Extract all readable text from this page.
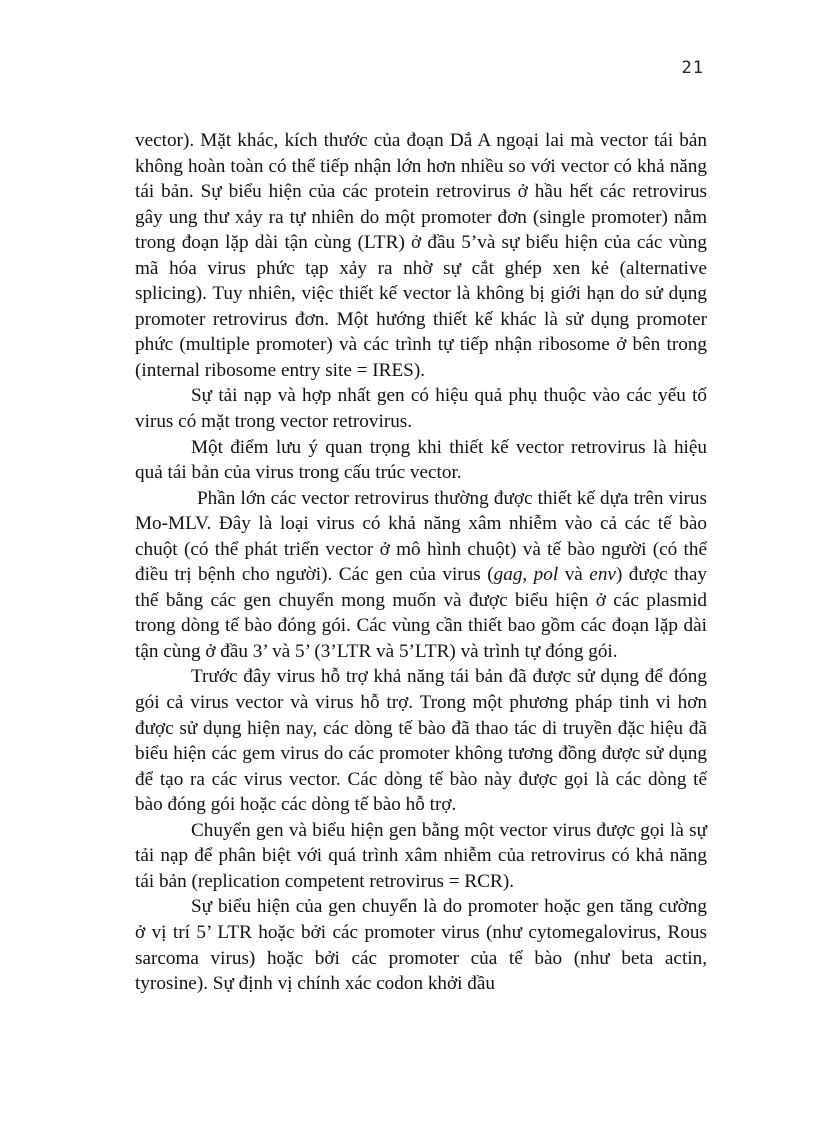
21

vector). Mặt khác, kích thước của đoạn Dắ A ngoại lai mà vector tái bản không hoàn toàn có thể tiếp nhận lớn hơn nhiều so với vector có khả năng tái bản. Sự biểu hiện của các protein retrovirus ở hầu hết các retrovirus gây ung thư xảy ra tự nhiên do một promoter đơn (single promoter) nằm trong đoạn lặp dài tận cùng (LTR) ở đầu 5’và sự biểu hiện của các vùng mã hóa virus phức tạp xảy ra nhờ sự cắt ghép xen kẻ (alternative splicing). Tuy nhiên, việc thiết kế vector là không bị giới hạn do sử dụng promoter retrovirus đơn. Một hướng thiết kế khác là sử dụng promoter phức (multiple promoter) và các trình tự tiếp nhận ribosome ở bên trong (internal ribosome entry site = IRES).

Sự tải nạp và hợp nhất gen có hiệu quả phụ thuộc vào các yếu tố virus có mặt trong vector retrovirus.

Một điểm lưu ý quan trọng khi thiết kế vector retrovirus là hiệu quả tái bản của virus trong cấu trúc vector.

Phần lớn các vector retrovirus thường được thiết kế dựa trên virus Mo-MLV. Đây là loại virus có khả năng xâm nhiễm vào cả các tế bào chuột (có thể phát triển vector ở mô hình chuột) và tế bào người (có thể điều trị bệnh cho người). Các gen của virus (gag, pol và env) được thay thế bằng các gen chuyển mong muốn và được biểu hiện ở các plasmid trong dòng tế bào đóng gói. Các vùng cần thiết bao gồm các đoạn lặp dài tận cùng ở đầu 3’ và 5’ (3’LTR và 5’LTR) và trình tự đóng gói.

Trước đây virus hỗ trợ khả năng tái bản đã được sử dụng để đóng gói cả virus vector và virus hỗ trợ. Trong một phương pháp tinh vi hơn được sử dụng hiện nay, các dòng tế bào đã thao tác di truyền đặc hiệu đã biểu hiện các gem virus do các promoter không tương đồng được sử dụng để tạo ra các virus vector. Các dòng tế bào này được gọi là các dòng tế bào đóng gói hoặc các dòng tế bào hỗ trợ.

Chuyển gen và biểu hiện gen bằng một vector virus được gọi là sự tải nạp để phân biệt với quá trình xâm nhiễm của retrovirus có khả năng tái bản (replication competent retrovirus = RCR).

Sự biểu hiện của gen chuyển là do promoter hoặc gen tăng cường ở vị trí 5’ LTR hoặc bởi các promoter virus (như cytomegalovirus, Rous sarcoma virus) hoặc bởi các promoter của tế bào (như beta actin, tyrosine). Sự định vị chính xác codon khởi đầu
